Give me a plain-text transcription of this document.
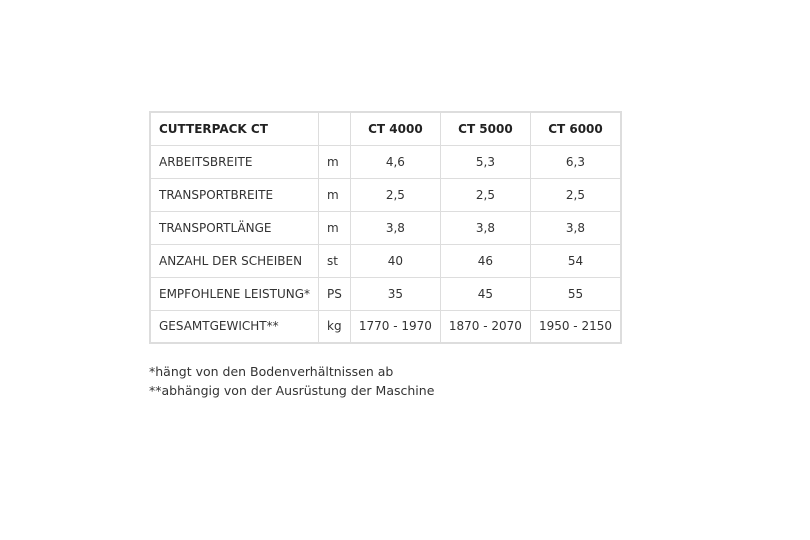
CUTTERPACK CT		CT 4000	CT 5000	CT 6000
ARBEITSBREITE	m	4,6	5,3	6,3
TRANSPORTBREITE	m	2,5	2,5	2,5
TRANSPORTLÄNGE	m	3,8	3,8	3,8
ANZAHL DER SCHEIBEN	st	40	46	54
EMPFOHLENE LEISTUNG*	PS	35	45	55
GESAMTGEWICHT**	kg	1770 - 1970	1870 - 2070	1950 - 2150

*hängt von den Bodenverhältnissen ab

**abhängig von der Ausrüstung der Maschine
